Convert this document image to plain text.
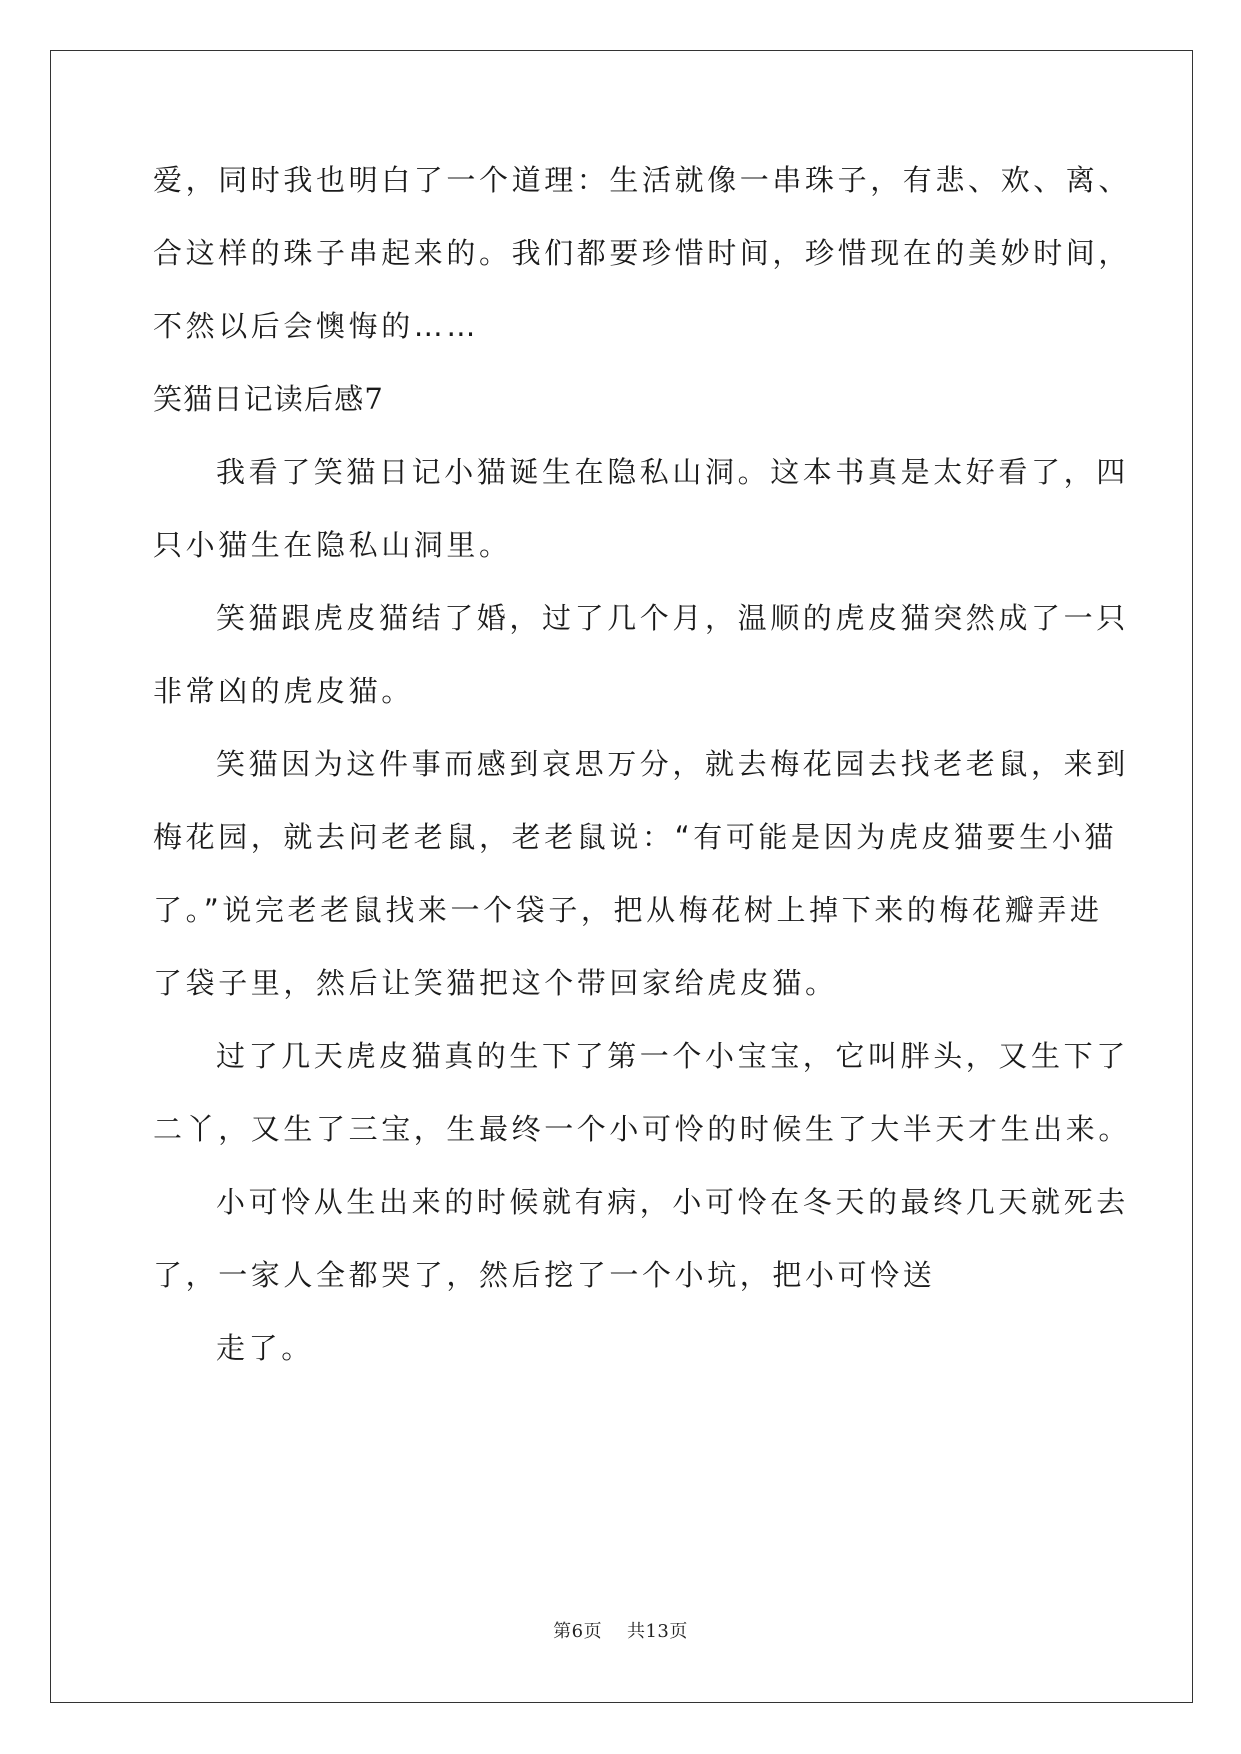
爱，同时我也明白了一个道理：生活就像一串珠子，有悲、欢、离、
合这样的珠子串起来的。我们都要珍惜时间，珍惜现在的美妙时间，
不然以后会懊悔的……
笑猫日记读后感7
我看了笑猫日记小猫诞生在隐私山洞。这本书真是太好看了，四
只小猫生在隐私山洞里。
笑猫跟虎皮猫结了婚，过了几个月，温顺的虎皮猫突然成了一只
非常凶的虎皮猫。
笑猫因为这件事而感到哀思万分，就去梅花园去找老老鼠，来到
梅花园，就去问老老鼠，老老鼠说：“有可能是因为虎皮猫要生小猫
了。”说完老老鼠找来一个袋子，把从梅花树上掉下来的梅花瓣弄进
了袋子里，然后让笑猫把这个带回家给虎皮猫。
过了几天虎皮猫真的生下了第一个小宝宝，它叫胖头，又生下了
二丫，又生了三宝，生最终一个小可怜的时候生了大半天才生出来。
小可怜从生出来的时候就有病，小可怜在冬天的最终几天就死去
了，一家人全都哭了，然后挖了一个小坑，把小可怜送
走了。
第6页 共13页
